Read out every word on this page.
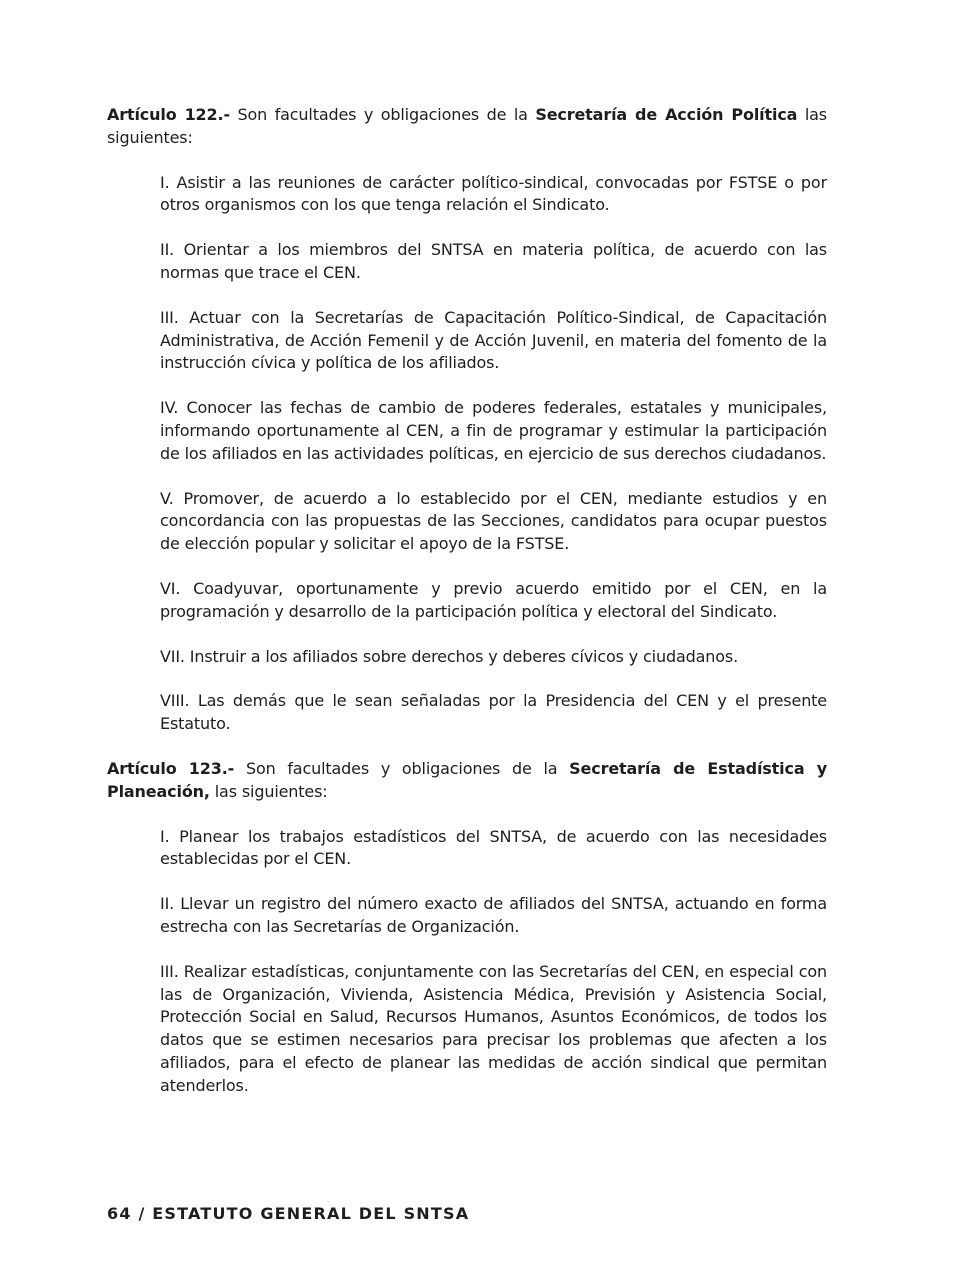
Artículo 122.- Son facultades y obligaciones de la Secretaría de Acción Política las siguientes:

I. Asistir a las reuniones de carácter político-sindical, convocadas por FSTSE o por otros organismos con los que tenga relación el Sindicato.
II. Orientar a los miembros del SNTSA en materia política, de acuerdo con las normas que trace el CEN.
III. Actuar con la Secretarías de Capacitación Político-Sindical, de Capacitación Administrativa, de Acción Femenil y de Acción Juvenil, en materia del fomento de la instrucción cívica y política de los afiliados.
IV. Conocer las fechas de cambio de poderes federales, estatales y municipales, informando oportunamente al CEN, a fin de programar y estimular la participación de los afiliados en las actividades políticas, en ejercicio de sus derechos ciudadanos.
V. Promover, de acuerdo a lo establecido por el CEN, mediante estudios y en concordancia con las propuestas de las Secciones, candidatos para ocupar puestos de elección popular y solicitar el apoyo de la FSTSE.
VI. Coadyuvar, oportunamente y previo acuerdo emitido por el CEN, en la programación y desarrollo de la participación política y electoral del Sindicato.
VII. Instruir a los afiliados sobre derechos y deberes cívicos y ciudadanos.
VIII. Las demás que le sean señaladas por la Presidencia del CEN y el presente Estatuto.

Artículo 123.- Son facultades y obligaciones de la Secretaría de Estadística y Planeación, las siguientes:

I. Planear los trabajos estadísticos del SNTSA, de acuerdo con las necesidades establecidas por el CEN.
II. Llevar un registro del número exacto de afiliados del SNTSA, actuando en forma estrecha con las Secretarías de Organización.
III. Realizar estadísticas, conjuntamente con las Secretarías del CEN, en especial con las de Organización, Vivienda, Asistencia Médica, Previsión y Asistencia Social, Protección Social en Salud, Recursos Humanos, Asuntos Económicos, de todos los datos que se estimen necesarios para precisar los problemas que afecten a los afiliados, para el efecto de planear las medidas de acción sindical que permitan atenderlos.
64 / ESTATUTO GENERAL DEL SNTSA
